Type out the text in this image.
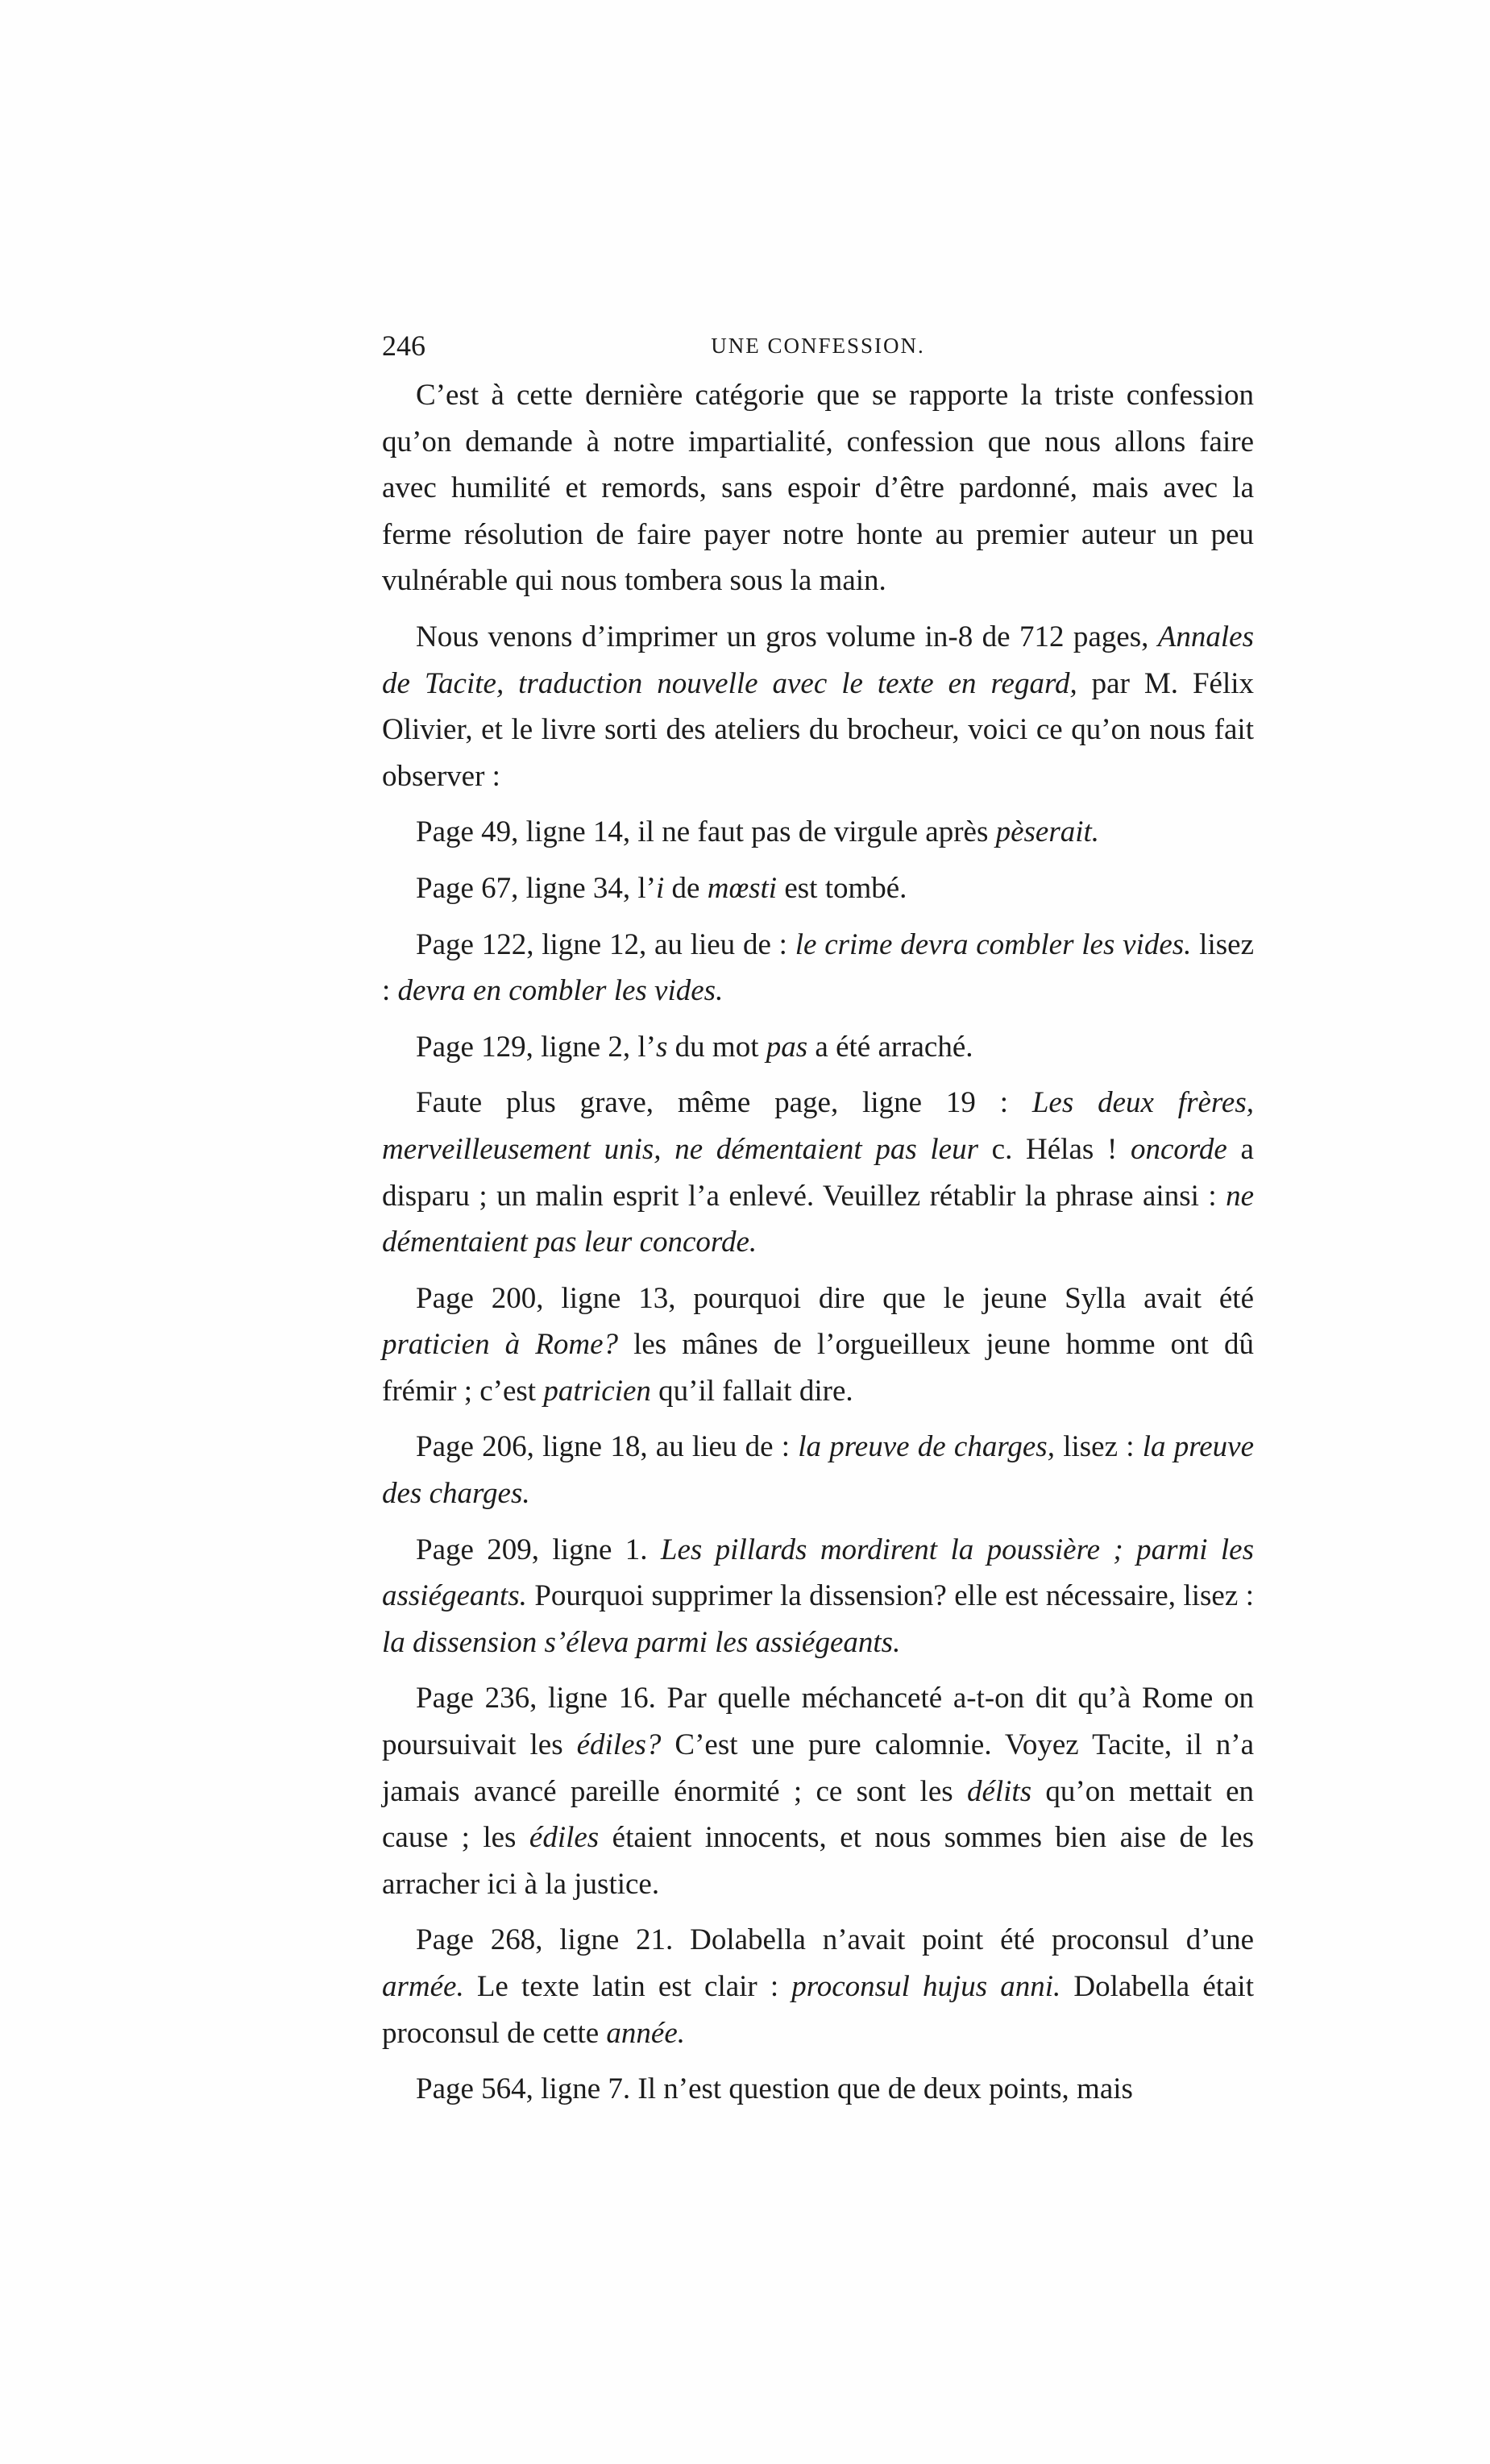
246	UNE CONFESSION.

C’est à cette dernière catégorie que se rapporte la triste confession qu’on demande à notre impartialité, confession que nous allons faire avec humilité et remords, sans espoir d’être pardonné, mais avec la ferme résolution de faire payer notre honte au premier auteur un peu vulnérable qui nous tombera sous la main.

Nous venons d’imprimer un gros volume in-8 de 712 pages, Annales de Tacite, traduction nouvelle avec le texte en regard, par M. Félix Olivier, et le livre sorti des ateliers du brocheur, voici ce qu’on nous fait observer :

Page 49, ligne 14, il ne faut pas de virgule après pèserait.

Page 67, ligne 34, l’i de mœsti est tombé.

Page 122, ligne 12, au lieu de : le crime devra combler les vides. lisez : devra en combler les vides.

Page 129, ligne 2, l’s du mot pas a été arraché.

Faute plus grave, même page, ligne 19 : Les deux frères, merveilleusement unis, ne démentaient pas leur c. Hélas ! oncorde a disparu ; un malin esprit l’a enlevé. Veuillez rétablir la phrase ainsi : ne démentaient pas leur concorde.

Page 200, ligne 13, pourquoi dire que le jeune Sylla avait été praticien à Rome? les mânes de l’orgueilleux jeune homme ont dû frémir ; c’est patricien qu’il fallait dire.

Page 206, ligne 18, au lieu de : la preuve de charges, lisez : la preuve des charges.

Page 209, ligne 1. Les pillards mordirent la poussière ; parmi les assiégeants. Pourquoi supprimer la dissension? elle est nécessaire, lisez : la dissension s’éleva parmi les assiégeants.

Page 236, ligne 16. Par quelle méchanceté a-t-on dit qu’à Rome on poursuivait les édiles? C’est une pure calomnie. Voyez Tacite, il n’a jamais avancé pareille énormité ; ce sont les délits qu’on mettait en cause ; les édiles étaient innocents, et nous sommes bien aise de les arracher ici à la justice.

Page 268, ligne 21. Dolabella n’avait point été proconsul d’une armée. Le texte latin est clair : proconsul hujus anni. Dolabella était proconsul de cette année.

Page 564, ligne 7. Il n’est question que de deux points, mais
